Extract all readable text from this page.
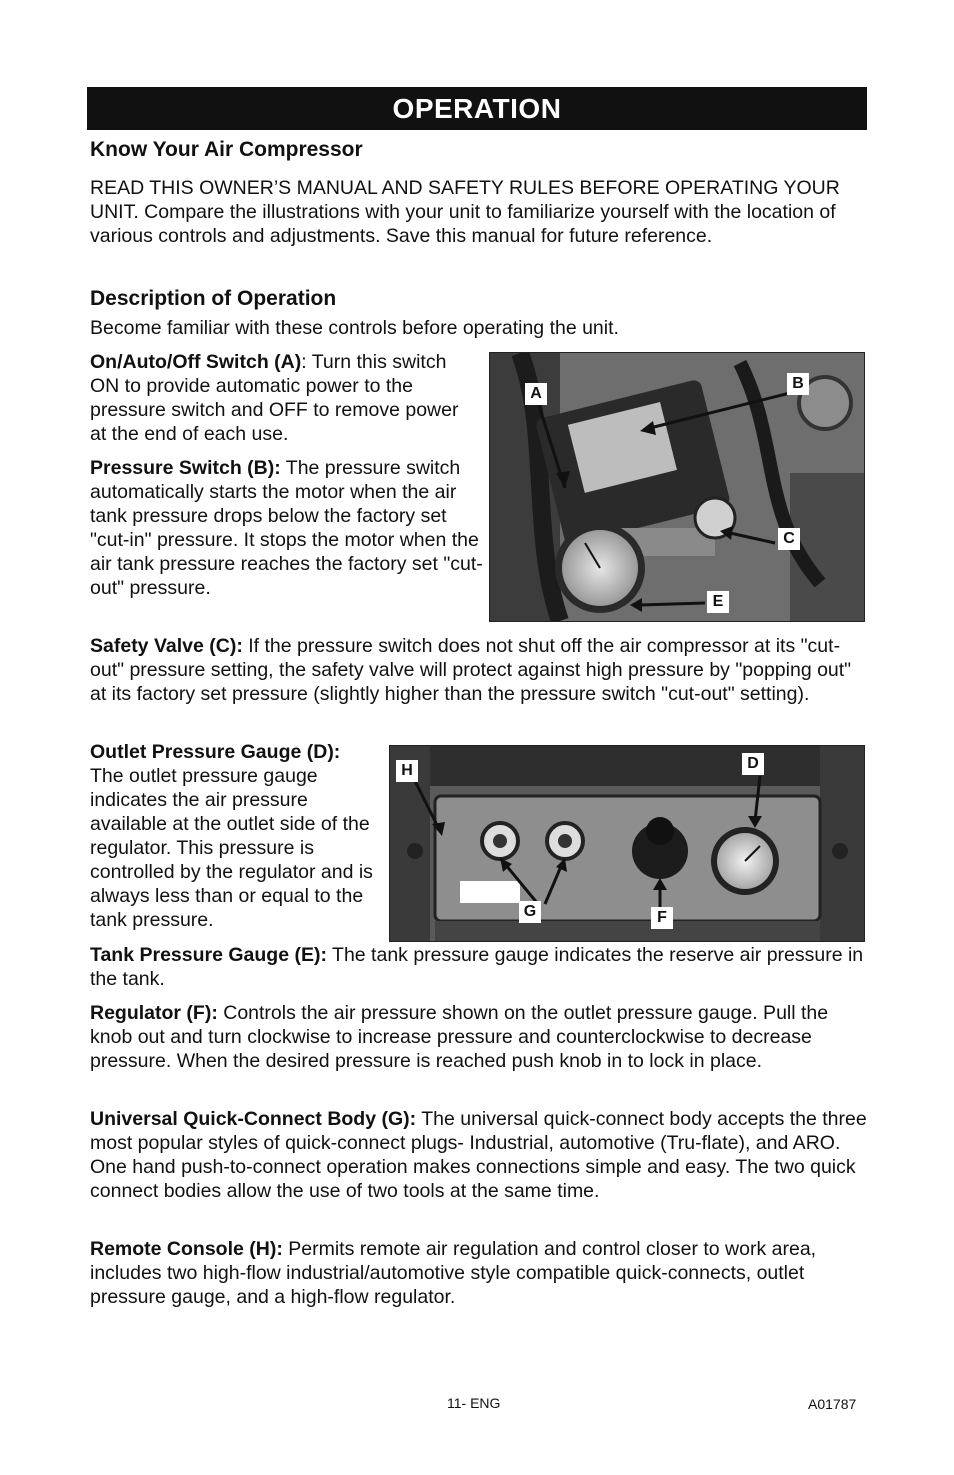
OPERATION
Know Your Air Compressor

READ THIS OWNER’S MANUAL AND SAFETY RULES BEFORE OPERATING YOUR UNIT. Compare the illustrations with your unit to familiarize yourself with the location of various controls and adjustments. Save this manual for future reference.

Description of Operation

Become familiar with these controls before operating the unit.

On/Auto/Off Switch (A): Turn this switch ON to provide automatic power to the pressure switch and OFF to remove power at the end of each use.

Pressure Switch (B): The pressure switch automatically starts the motor when the air tank pressure drops below the factory set "cut-in" pressure. It stops the motor when the air tank pressure reaches the factory set "cut-out" pressure.

A
B
C
E

Safety Valve (C): If the pressure switch does not shut off the air compressor at its "cut-out" pressure setting, the safety valve will protect against high pressure by "popping out" at its factory set pressure (slightly higher than the pressure switch "cut-out" setting).

Outlet Pressure Gauge (D):
The outlet pressure gauge indicates the air pressure available at the outlet side of the regulator. This pressure is controlled by the regulator and is always less than or equal to the tank pressure.

H	D
G	F

Tank Pressure Gauge (E): The tank pressure gauge indicates the reserve air pressure in the tank.

Regulator (F): Controls the air pressure shown on the outlet pressure gauge. Pull the knob out and turn clockwise to increase pressure and counterclockwise to decrease pressure. When the desired pressure is reached push knob in to lock in place.

Universal Quick-Connect Body (G): The universal quick-connect body accepts the three most popular styles of quick-connect plugs- Industrial, automotive (Tru-flate), and ARO. One hand push-to-connect operation makes connections simple and easy. The two quick connect bodies allow the use of two tools at the same time.

Remote Console (H): Permits remote air regulation and control closer to work area, includes two high-flow industrial/automotive style compatible quick-connects, outlet pressure gauge, and a high-flow regulator.

11- ENG	A01787
